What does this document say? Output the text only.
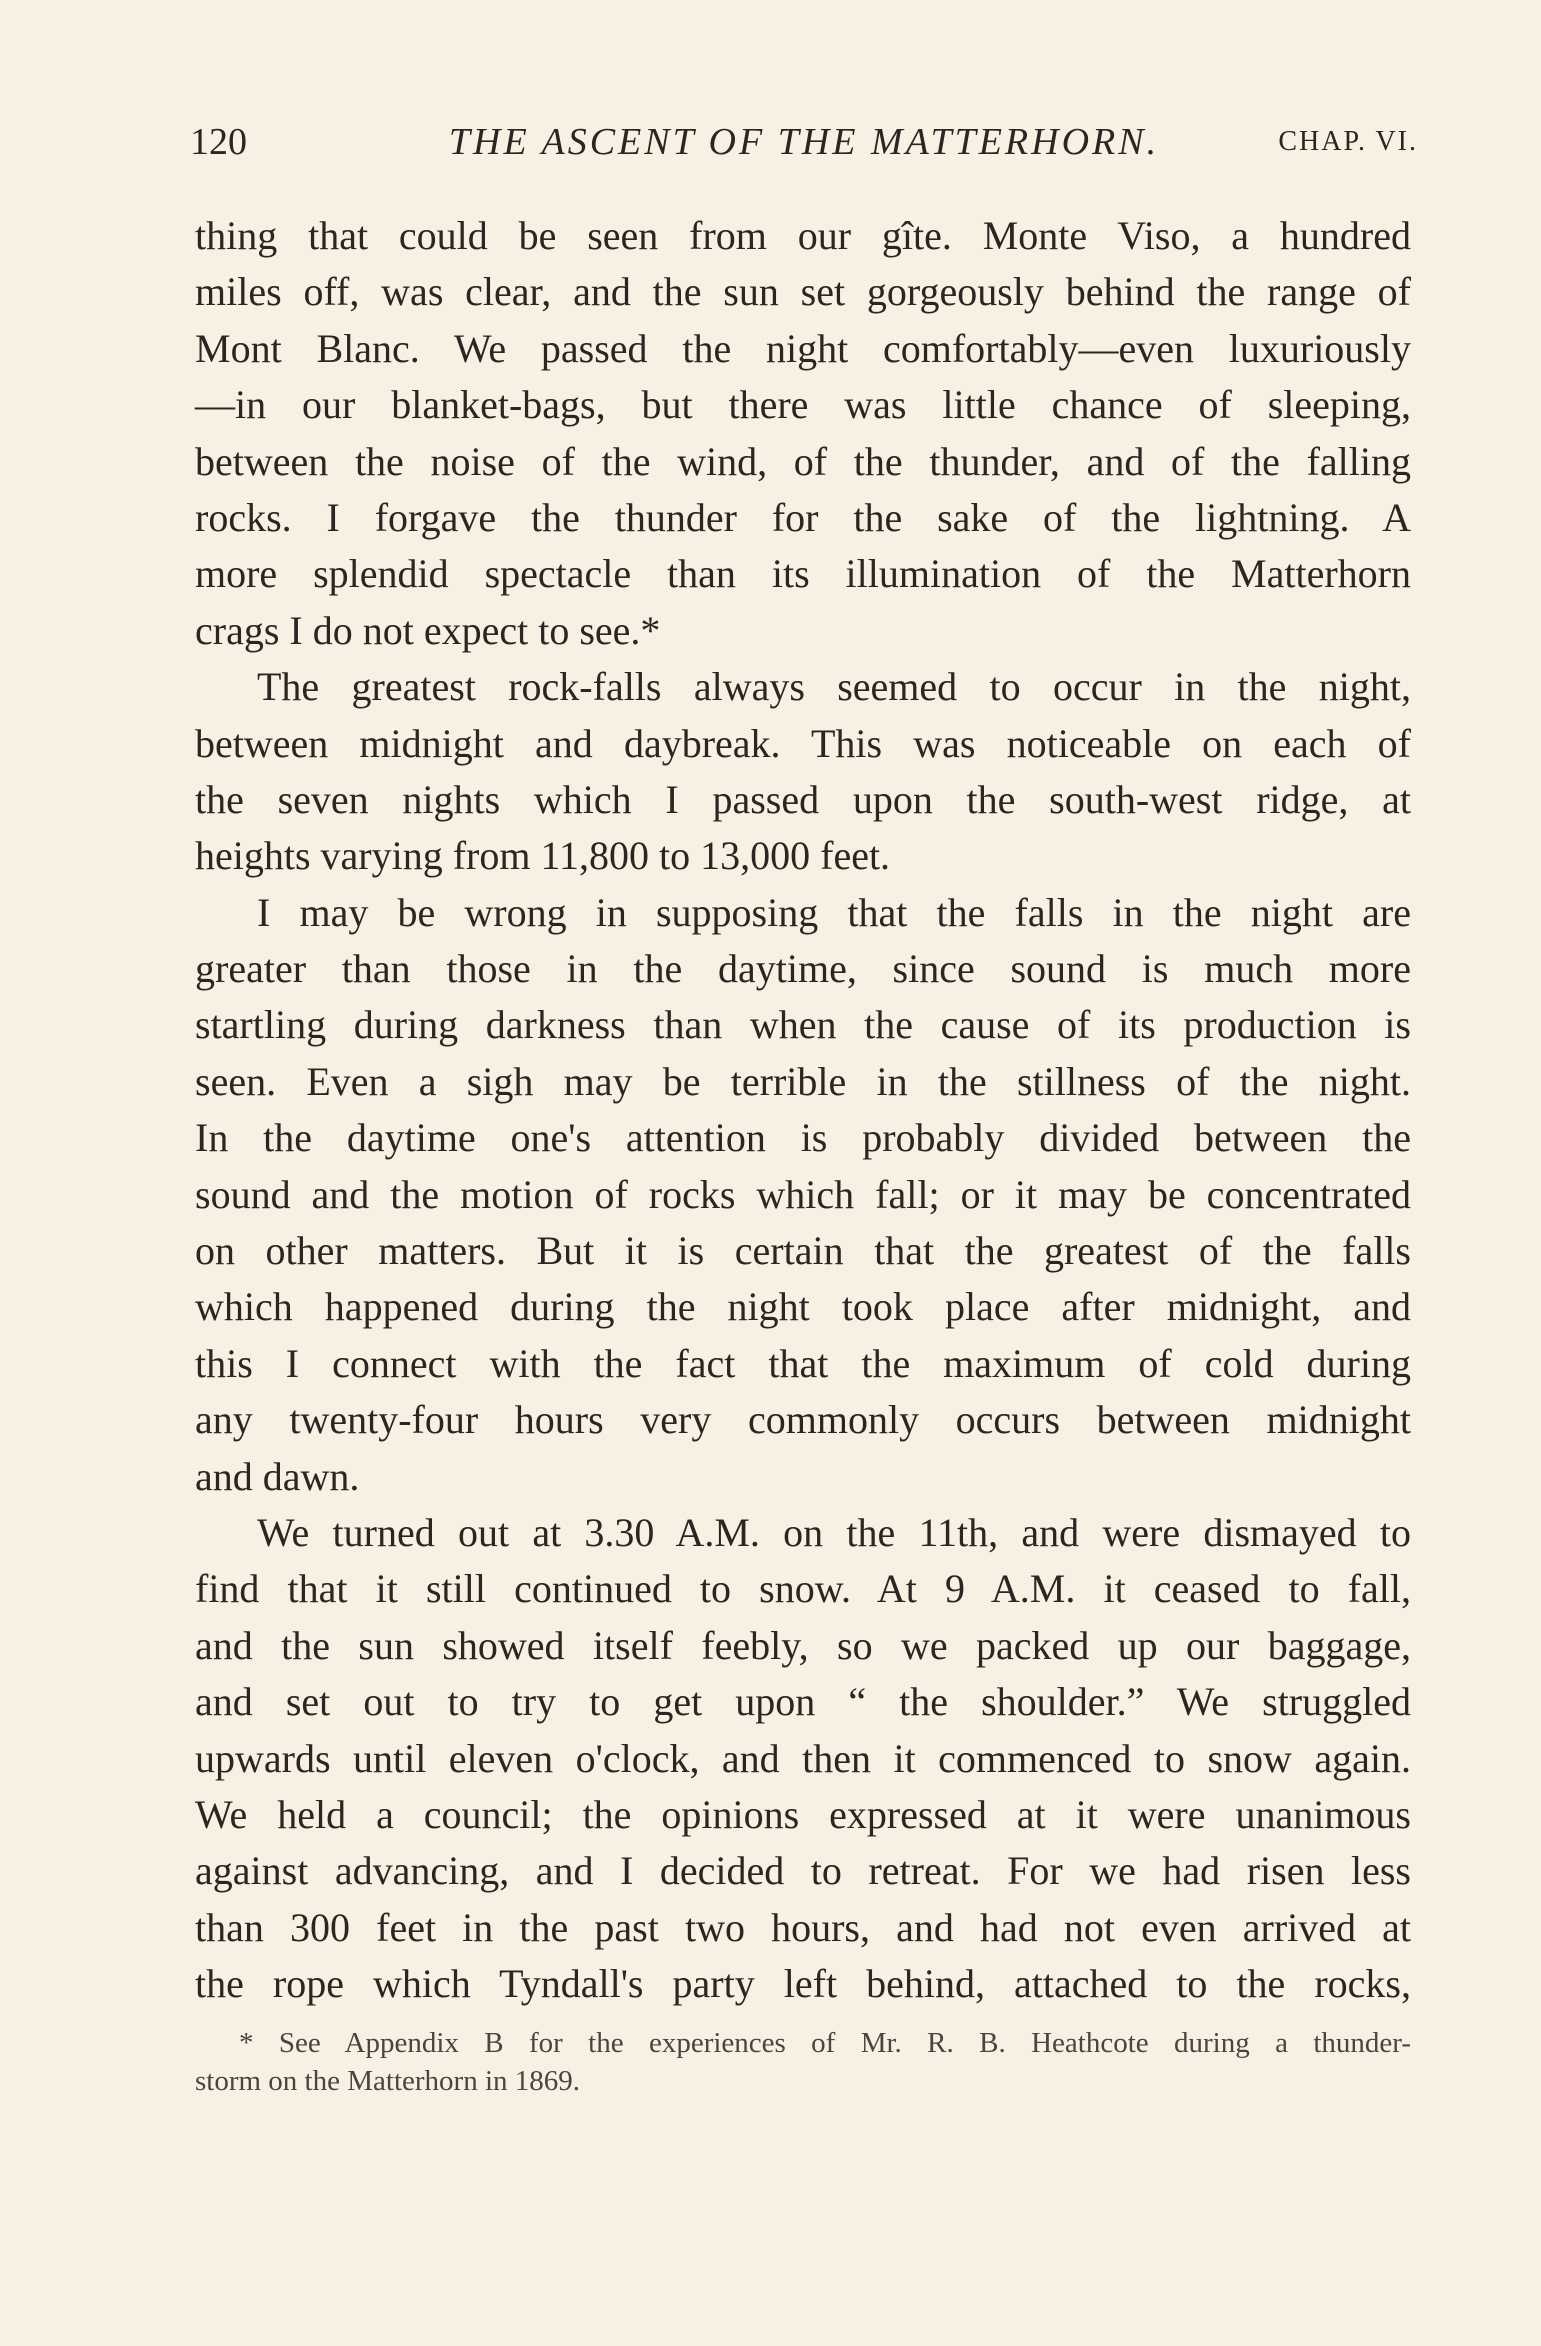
120	THE ASCENT OF THE MATTERHORN.	CHAP. VI.

thing that could be seen from our gîte. Monte Viso, a hundred
miles off, was clear, and the sun set gorgeously behind the range of
Mont Blanc. We passed the night comfortably—even luxuriously
—in our blanket-bags, but there was little chance of sleeping,
between the noise of the wind, of the thunder, and of the falling
rocks. I forgave the thunder for the sake of the lightning. A
more splendid spectacle than its illumination of the Matterhorn
crags I do not expect to see.*

The greatest rock-falls always seemed to occur in the night,
between midnight and daybreak. This was noticeable on each of
the seven nights which I passed upon the south-west ridge, at
heights varying from 11,800 to 13,000 feet.

I may be wrong in supposing that the falls in the night are
greater than those in the daytime, since sound is much more
startling during darkness than when the cause of its production is
seen. Even a sigh may be terrible in the stillness of the night.
In the daytime one's attention is probably divided between the
sound and the motion of rocks which fall; or it may be concentrated
on other matters. But it is certain that the greatest of the falls
which happened during the night took place after midnight, and
this I connect with the fact that the maximum of cold during
any twenty-four hours very commonly occurs between midnight
and dawn.

We turned out at 3.30 A.M. on the 11th, and were dismayed to
find that it still continued to snow. At 9 A.M. it ceased to fall,
and the sun showed itself feebly, so we packed up our baggage,
and set out to try to get upon “ the shoulder.” We struggled
upwards until eleven o'clock, and then it commenced to snow again.
We held a council; the opinions expressed at it were unanimous
against advancing, and I decided to retreat. For we had risen less
than 300 feet in the past two hours, and had not even arrived at
the rope which Tyndall's party left behind, attached to the rocks,

* See Appendix B for the experiences of Mr. R. B. Heathcote during a thunder-
storm on the Matterhorn in 1869.
